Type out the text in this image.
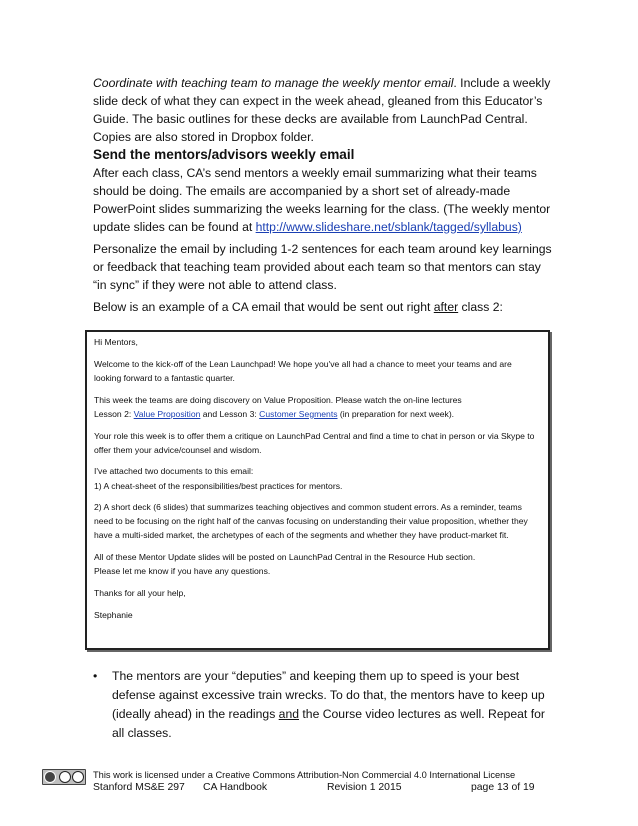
Coordinate with teaching team to manage the weekly mentor email. Include a weekly slide deck of what they can expect in the week ahead, gleaned from this Educator’s Guide. The basic outlines for these decks are available from LaunchPad Central. Copies are also stored in Dropbox folder.
Send the mentors/advisors weekly email
After each class, CA’s send mentors a weekly email summarizing what their teams should be doing. The emails are accompanied by a short set of already-made PowerPoint slides summarizing the weeks learning for the class. (The weekly mentor update slides can be found at http://www.slideshare.net/sblank/tagged/syllabus)
Personalize the email by including 1-2 sentences for each team around key learnings or feedback that teaching team provided about each team so that mentors can stay “in sync” if they were not able to attend class.
Below is an example of a CA email that would be sent out right after class 2:

Hi Mentors,

Welcome to the kick-off of the Lean Launchpad! We hope you've all had a chance to meet your teams and are looking forward to a fantastic quarter.

This week the teams are doing discovery on Value Proposition. Please watch the on-line lectures

Lesson 2: Value Proposition and Lesson 3: Customer Segments (in preparation for next week).

Your role this week is to offer them a critique on LaunchPad Central and find a time to chat in person or via Skype to offer them your advice/counsel and wisdom.

I've attached two documents to this email:

1) A cheat-sheet of the responsibilities/best practices for mentors.

2) A short deck (6 slides) that summarizes teaching objectives and common student errors. As a reminder, teams need to be focusing on the right half of the canvas focusing on understanding their value proposition, whether they have a multi-sided market, the archetypes of each of the segments and whether they have product-market fit.

All of these Mentor Update slides will be posted on LaunchPad Central in the Resource Hub section.

Please let me know if you have any questions.

Thanks for all your help,

Stephanie

• The mentors are your “deputies” and keeping them up to speed is your best defense against excessive train wrecks. To do that, the mentors have to keep up (ideally ahead) in the readings and the Course video lectures as well. Repeat for all classes.
This work is licensed under a Creative Commons Attribution-Non Commercial 4.0 International License
Stanford MS&E 297 CA Handbook	Revision 1 2015	page 13 of 19
